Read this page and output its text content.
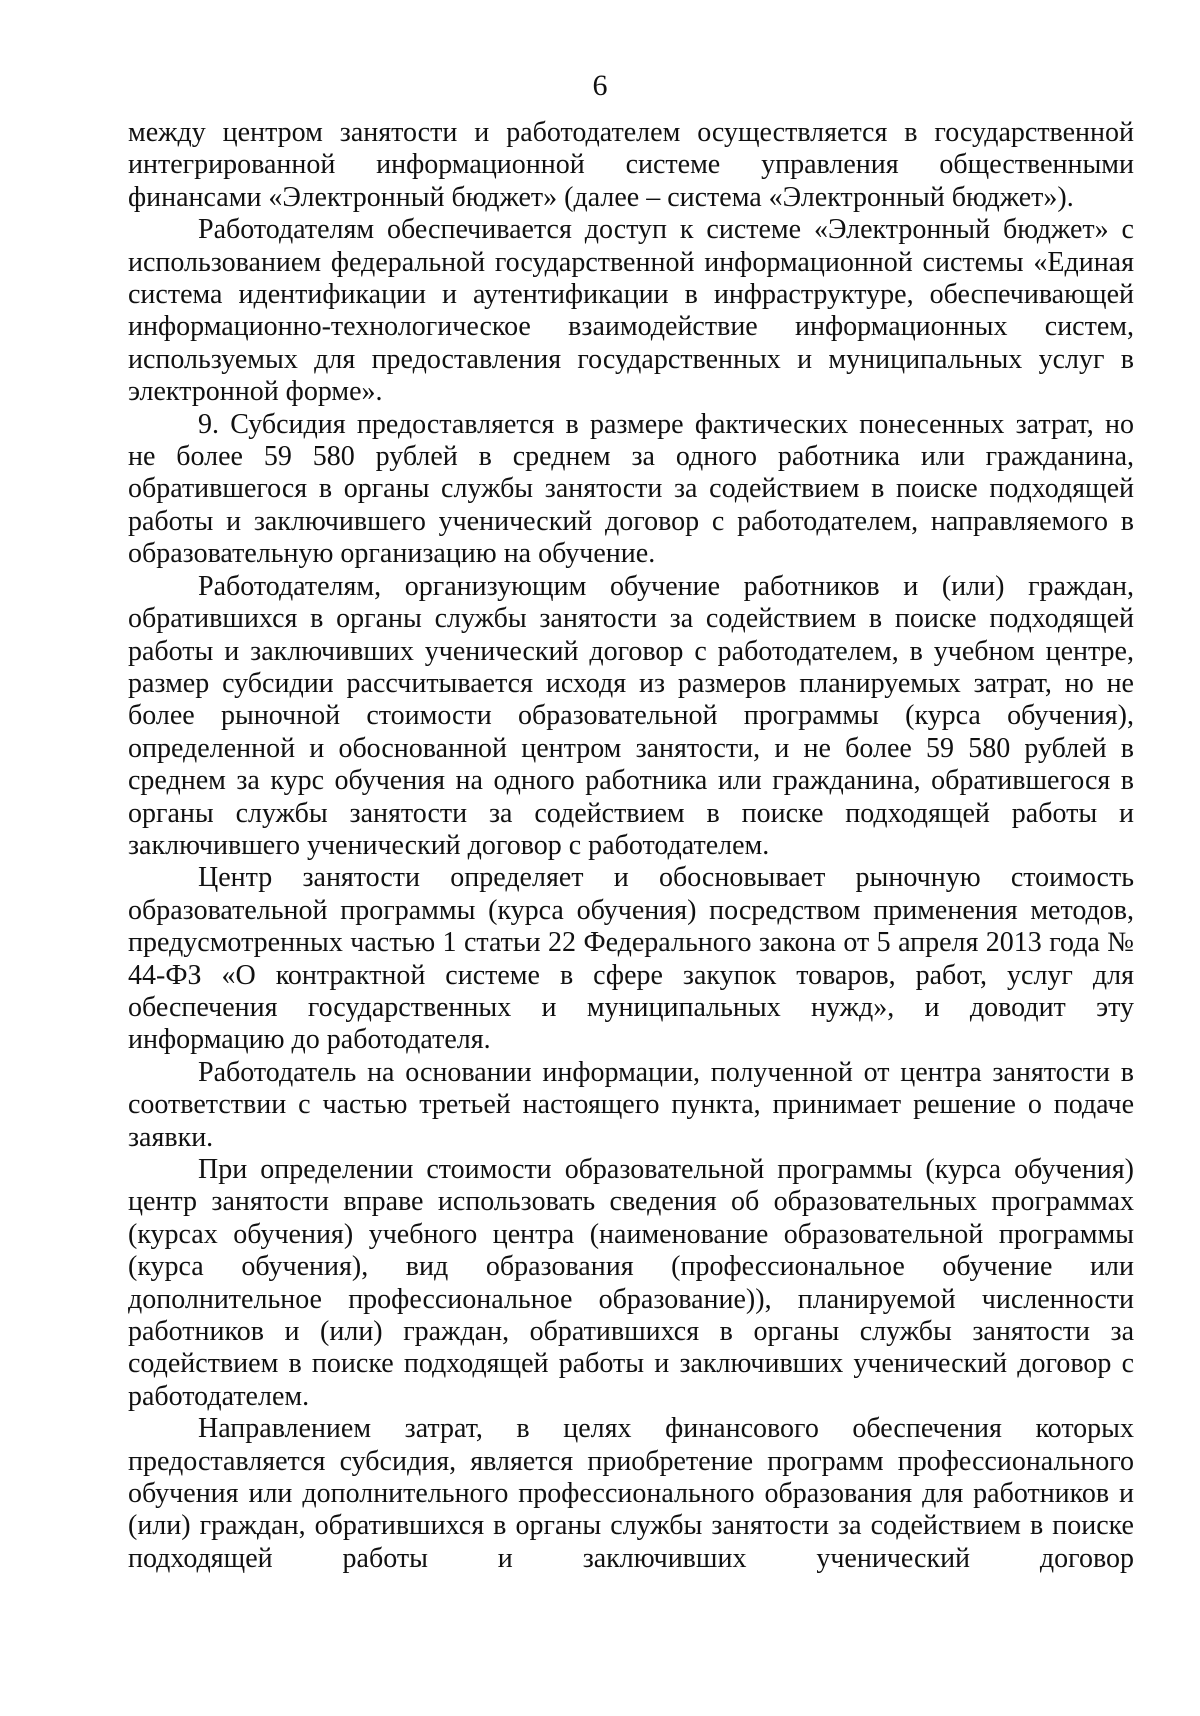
6

между центром занятости и работодателем осуществляется в государственной интегрированной информационной системе управления общественными финансами «Электронный бюджет» (далее – система «Электронный бюджет»).

Работодателям обеспечивается доступ к системе «Электронный бюджет» с использованием федеральной государственной информационной системы «Единая система идентификации и аутентификации в инфраструктуре, обеспечивающей информационно-технологическое взаимодействие информационных систем, используемых для предоставления государственных и муниципальных услуг в электронной форме».

9. Субсидия предоставляется в размере фактических понесенных затрат, но не более 59 580 рублей в среднем за одного работника или гражданина, обратившегося в органы службы занятости за содействием в поиске подходящей работы и заключившего ученический договор с работодателем, направляемого в образовательную организацию на обучение.

Работодателям, организующим обучение работников и (или) граждан, обратившихся в органы службы занятости за содействием в поиске подходящей работы и заключивших ученический договор с работодателем, в учебном центре, размер субсидии рассчитывается исходя из размеров планируемых затрат, но не более рыночной стоимости образовательной программы (курса обучения), определенной и обоснованной центром занятости, и не более 59 580 рублей в среднем за курс обучения на одного работника или гражданина, обратившегося в органы службы занятости за содействием в поиске подходящей работы и заключившего ученический договор с работодателем.

Центр занятости определяет и обосновывает рыночную стоимость образовательной программы (курса обучения) посредством применения методов, предусмотренных частью 1 статьи 22 Федерального закона от 5 апреля 2013 года № 44-ФЗ «О контрактной системе в сфере закупок товаров, работ, услуг для обеспечения государственных и муниципальных нужд», и доводит эту информацию до работодателя.

Работодатель на основании информации, полученной от центра занятости в соответствии с частью третьей настоящего пункта, принимает решение о подаче заявки.

При определении стоимости образовательной программы (курса обучения) центр занятости вправе использовать сведения об образовательных программах (курсах обучения) учебного центра (наименование образовательной программы (курса обучения), вид образования (профессиональное обучение или дополнительное профессиональное образование)), планируемой численности работников и (или) граждан, обратившихся в органы службы занятости за содействием в поиске подходящей работы и заключивших ученический договор с работодателем.

Направлением затрат, в целях финансового обеспечения которых предоставляется субсидия, является приобретение программ профессионального обучения или дополнительного профессионального образования для работников и (или) граждан, обратившихся в органы службы занятости за содействием в поиске подходящей работы и заключивших ученический договор
